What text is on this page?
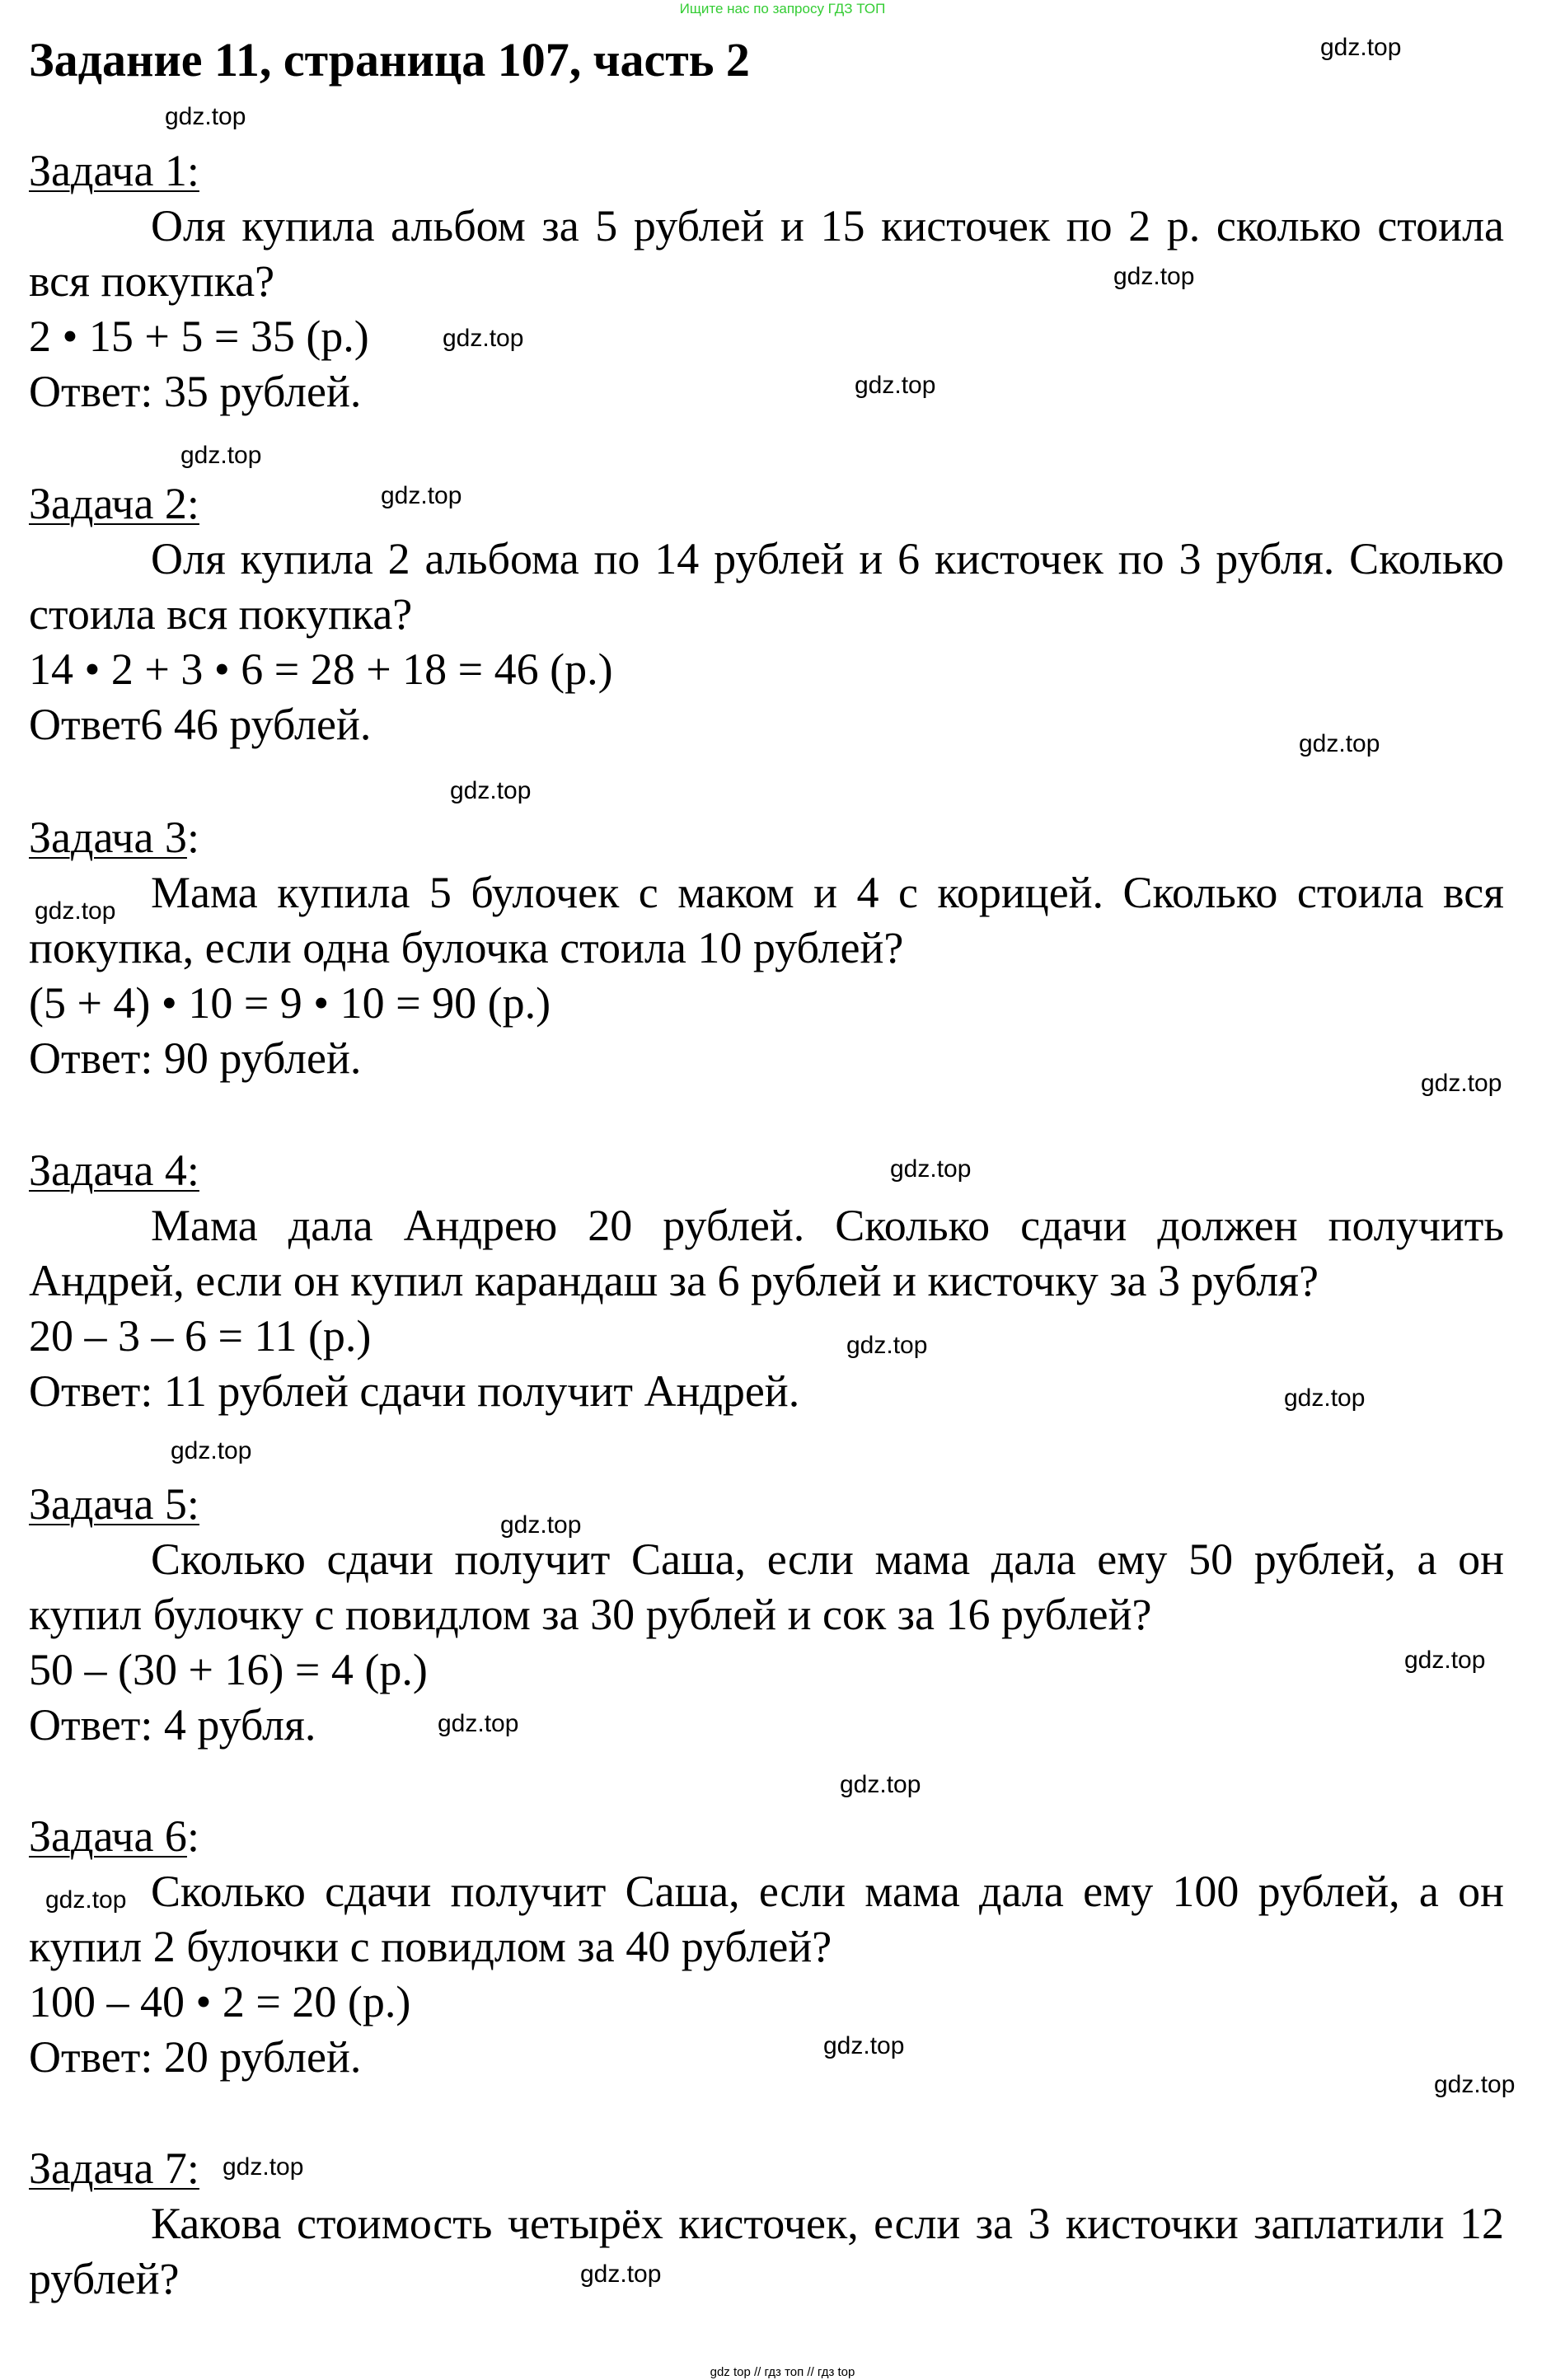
Ищите нас по запросу ГДЗ ТОП
Задание 11, страница 107, часть 2
Задача 1:

Оля купила альбом за 5 рублей и 15 кисточек по 2 р. сколько стоила вся покупка?

2 • 15 + 5 = 35 (р.)
Ответ: 35 рублей.
Задача 2:

Оля купила 2 альбома по 14 рублей и 6 кисточек по 3 рубля. Сколько стоила вся покупка?

14 • 2 + 3 • 6 = 28 + 18 = 46 (р.)
Ответ6 46 рублей.
Задача 3:

Мама купила 5 булочек с маком и 4 с корицей. Сколько стоила вся покупка, если одна булочка стоила 10 рублей?

(5 + 4) • 10 = 9 • 10 = 90 (р.)
Ответ: 90 рублей.
Задача 4:

Мама дала Андрею 20 рублей. Сколько сдачи должен получить Андрей, если он купил карандаш за 6 рублей и кисточку за 3 рубля?

20 – 3 – 6 = 11 (р.)
Ответ: 11 рублей сдачи получит Андрей.
Задача 5:

Сколько сдачи получит Саша, если мама дала ему 50 рублей, а он купил булочку с повидлом за 30 рублей и сок за 16 рублей?

50 – (30 + 16) = 4 (р.)
Ответ: 4 рубля.
Задача 6:

Сколько сдачи получит Саша, если мама дала ему 100 рублей, а он купил 2 булочки с повидлом за 40 рублей?

100 – 40 • 2 = 20 (р.)
Ответ: 20 рублей.
Задача 7:

Какова стоимость четырёх кисточек, если за 3 кисточки заплатили 12 рублей?

gdz.top
gdz.top
gdz.top
gdz.top
gdz.top
gdz.top
gdz.top
gdz.top
gdz.top
gdz.top
gdz.top
gdz.top
gdz.top
gdz.top
gdz.top
gdz.top
gdz.top
gdz.top
gdz.top
gdz.top
gdz.top
gdz.top
gdz.top
gdz.top
gdz top // гдз топ // гдз top
